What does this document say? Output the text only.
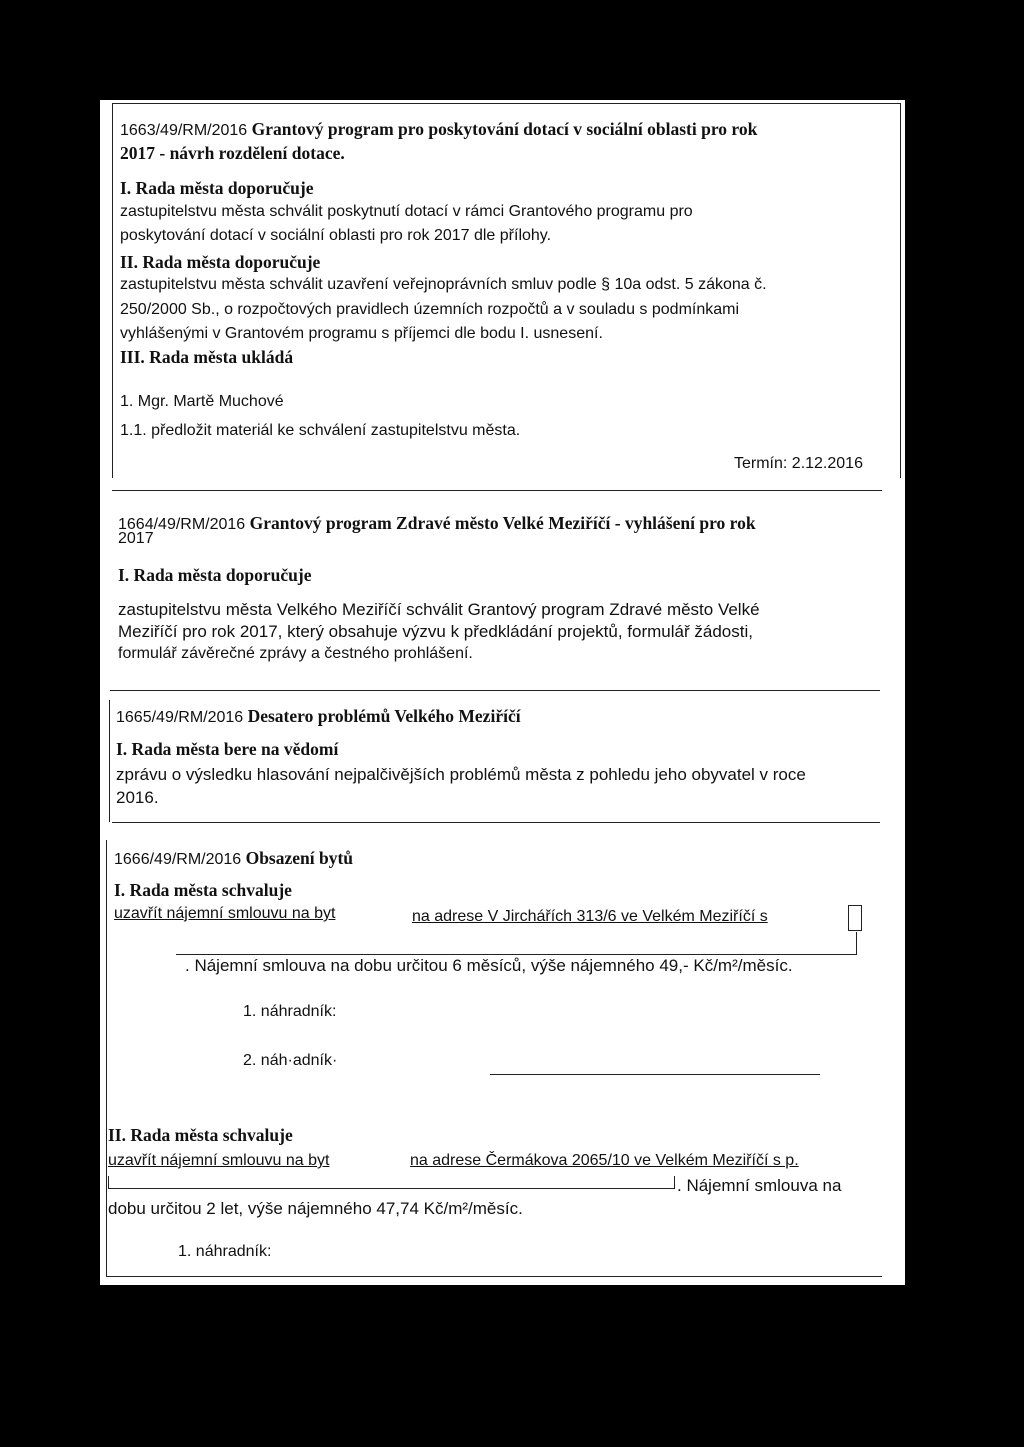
1663/49/RM/2016 Grantový program pro poskytování dotací v sociální oblasti pro rok
2017 - návrh rozdělení dotace.
I. Rada města doporučuje
zastupitelstvu města schválit poskytnutí dotací v rámci Grantového programu pro
poskytování dotací v sociální oblasti pro rok 2017 dle přílohy.
II. Rada města doporučuje
zastupitelstvu města schválit uzavření veřejnoprávních smluv podle § 10a odst. 5 zákona č.
250/2000 Sb., o rozpočtových pravidlech územních rozpočtů a v souladu s podmínkami
vyhlášenými v Grantovém programu s příjemci dle bodu I. usnesení.
III. Rada města ukládá
1. Mgr. Martě Muchové
1.1. předložit materiál ke schválení zastupitelstvu města.
Termín: 2.12.2016
1664/49/RM/2016 Grantový program Zdravé město Velké Meziříčí - vyhlášení pro rok
2017
I. Rada města doporučuje
zastupitelstvu města Velkého Meziříčí schválit Grantový program Zdravé město Velké
Meziříčí pro rok 2017, který obsahuje výzvu k předkládání projektů, formulář žádosti,
formulář závěrečné zprávy a čestného prohlášení.
1665/49/RM/2016 Desatero problémů Velkého Meziříčí
I. Rada města bere na vědomí
zprávu o výsledku hlasování nejpalčivějších problémů města z pohledu jeho obyvatel v roce
2016.
1666/49/RM/2016 Obsazení bytů
I. Rada města schvaluje
uzavřít nájemní smlouvu na byt	na adrese V Jirchářích 313/6 ve Velkém Meziříčí s
. Nájemní smlouva na dobu určitou 6 měsíců, výše nájemného 49,- Kč/m²/měsíc.
1. náhradník:
2. náh·adník·
II. Rada města schvaluje
uzavřít nájemní smlouvu na byt	na adrese Čermákova 2065/10 ve Velkém Meziříčí s p.
. Nájemní smlouva na
dobu určitou 2 let, výše nájemného 47,74 Kč/m²/měsíc.
1. náhradník:
